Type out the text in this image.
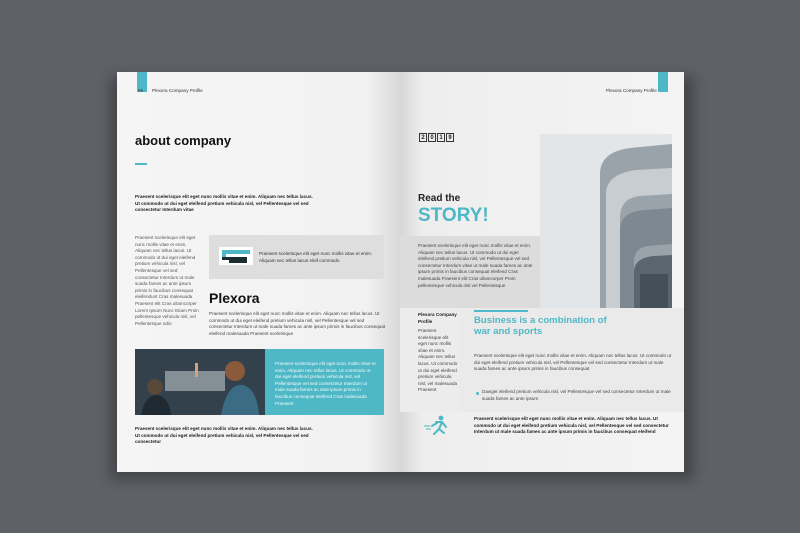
06 Plexora Company Profile
about company
Praesent scelerisque elit eget nunc mollis vitae et enim. Aliquam nec tellus lacus. Ut commodo ut dui eget eleifend pretium vehicula nisl, vel Pellentesque vel sed consectetur Interdum vitae
Praesent scelerisque elit eget nunc mollis vitae et enim. Aliquam nec tellus lacus. Ut commodo ut dui eget eleifend pretium vehicula nisl, vel Pellentesque vel sed consectetur Interdum ut male suada fames ac ante ipsum primis in faucibus consequat eleifendunt Cras malesuada Praesent elit Cras ullamcorper Lorem Ipsum Nunc Etiam Proin pellentesque vehicula nisl, vel Pellentesque odio
Praesent scelerisque elit eget nunc mollis vitae et enim. Aliquam nec tellus lacus eleif commodo
Plexora
Praesent scelerisque elit eget nunc mollis vitae et enim. Aliquam nec tellus lacus. Ut commodo ut dui eget eleifend pretium vehicula nisl, vel Pellentesque vel sed consectetur Interdum ut male suada fames ac ante ipsum primis in faucibus consequat eleifend malesuada Praesent scelerisque
Praesent scelerisque elit eget nunc mollis vitae et enim. Aliquam nec tellus lacus. Ut commodo ut dui eget eleifend pretium vehicula nisl, vel Pellentesque vel sed consectetur Interdum ut male suada fames ac ante ipsum primis in faucibus consequat eleifend Cras malesuada Praesent
Praesent scelerisque elit eget nunc mollis vitae et enim. Aliquam nec tellus lacus. Ut commodo ut dui eget eleifend pretium vehicula nisl, vel Pellentesque vel sed consectetur
Plexora Company Profile
2 0 1 9
Read the
STORY!
Praesent scelerisque elit eget nunc mollis vitae et enim. Aliquam nec tellus lacus. Ut commodo ut dui eget eleifend pretium vehicula nisl, vel Pellentesque vel sed consectetur Interdum vitae ut male suada fames ac ante ipsum primis in faucibus consequat eleifend Cras malesuada Praesent elit Cras ullamcorper Proin pellentesque vehicula nisl vel Pellentesque
Plexora Company Profile
Praesent scelerisque elit eget nunc mollis vitae et enim. Aliquam nec tellus lacus. Ut commodo ut dui eget eleifend pretium vehicula nisl, vel malesuada Praesent
Business is a combination of war and sports
Praesent scelerisque elit eget nunc mollis vitae et enim. Aliquam nec tellus lacus. Ut commodo ut dui eget eleifend pretium vehicula nisl, vel Pellentesque vel sed consectetur Interdum ut male suada fames ac ante ipsum primis in faucibus consequat
Dawget eleifend pretium vehicula nisl, vel Pellentesque vel sed consectetur Interdum ut male suada fames ac ante ipsum
Praesent scelerisque elit eget nunc mollis vitae et enim. Aliquam nec tellus lacus. Ut commodo ut dui eget eleifend pretium vehicula nisl, vel Pellentesque vel sed consectetur Interdum ut male suada fames ac ante ipsum primis in faucibus consequat eleifend
